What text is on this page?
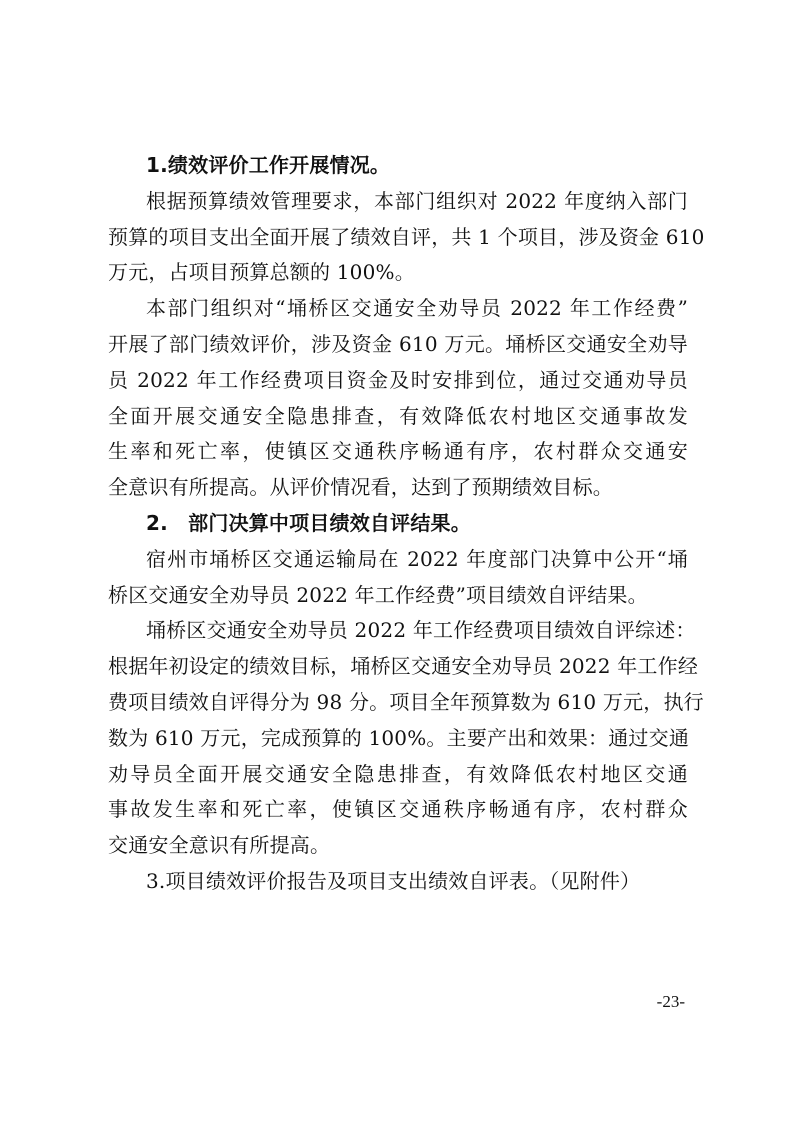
1.绩效评价工作开展情况。
根据预算绩效管理要求，本部门组织对 2022 年度纳入部门
预算的项目支出全面开展了绩效自评，共 1 个项目，涉及资金 610
万元，占项目预算总额的 100%。
本部门组织对“埇桥区交通安全劝导员 2022 年工作经费”
开展了部门绩效评价，涉及资金 610 万元。埇桥区交通安全劝导
员 2022 年工作经费项目资金及时安排到位，通过交通劝导员
全面开展交通安全隐患排查，有效降低农村地区交通事故发
生率和死亡率，使镇区交通秩序畅通有序，农村群众交通安
全意识有所提高。从评价情况看，达到了预期绩效目标。
2.　部门决算中项目绩效自评结果。
宿州市埇桥区交通运输局在 2022 年度部门决算中公开“埇
桥区交通安全劝导员 2022 年工作经费”项目绩效自评结果。
埇桥区交通安全劝导员 2022 年工作经费项目绩效自评综述：
根据年初设定的绩效目标，埇桥区交通安全劝导员 2022 年工作经
费项目绩效自评得分为 98 分。项目全年预算数为 610 万元，执行
数为 610 万元，完成预算的 100%。主要产出和效果：通过交通
劝导员全面开展交通安全隐患排查，有效降低农村地区交通
事故发生率和死亡率，使镇区交通秩序畅通有序，农村群众
交通安全意识有所提高。
3.项目绩效评价报告及项目支出绩效自评表。（见附件）
-23-
